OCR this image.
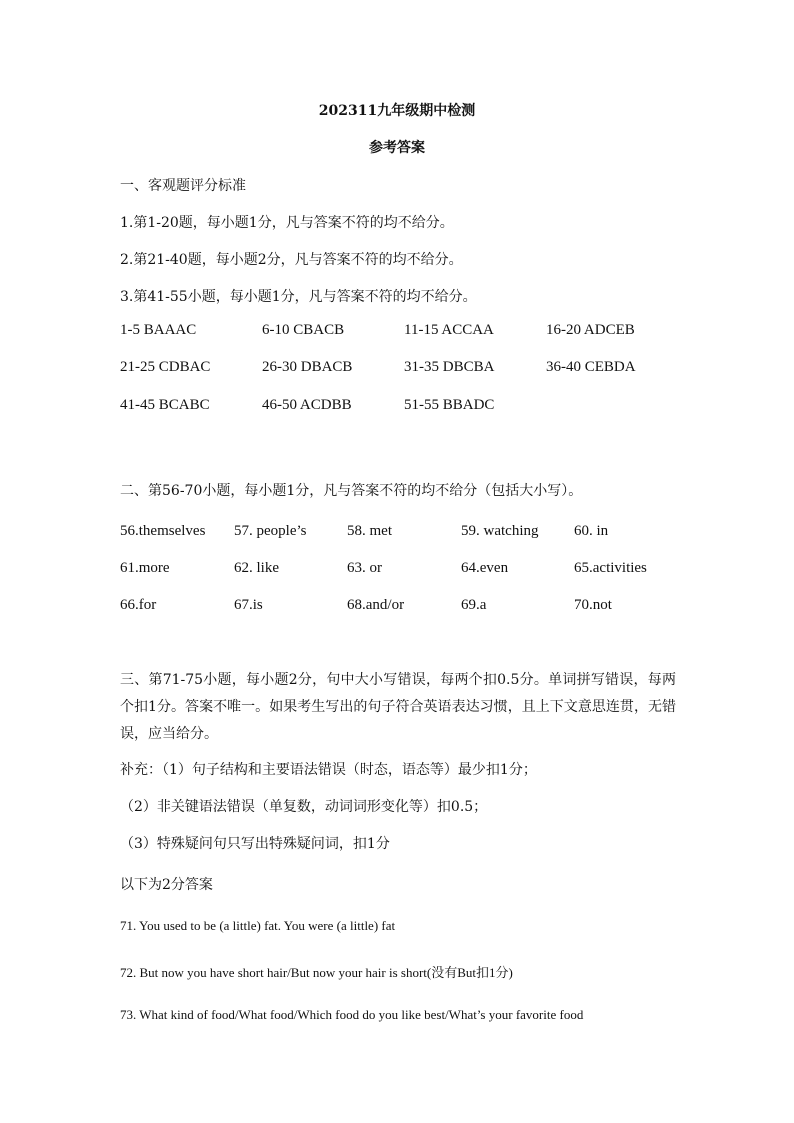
202311九年级期中检测
参考答案
一、客观题评分标准
1.第1-20题，每小题1分，凡与答案不符的均不给分。
2.第21-40题，每小题2分，凡与答案不符的均不给分。
3.第41-55小题，每小题1分，凡与答案不符的均不给分。
1-5 BAAAC	6-10 CBACB	11-15 ACCAA	16-20 ADCEB
21-25 CDBAC	26-30 DBACB	31-35 DBCBA	36-40 CEBDA
41-45 BCABC	46-50 ACDBB	51-55 BBADC
二、第56-70小题，每小题1分，凡与答案不符的均不给分（包括大小写）。
56.themselves 57. people’s	58. met	59. watching 60. in
61.more	62. like	63. or	64.even	65.activities
66.for	67.is	68.and/or	69.a	70.not
三、第71-75小题，每小题2分，句中大小写错误，每两个扣0.5分。单词拼写错误，每两个扣1分。答案不唯一。如果考生写出的句子符合英语表达习惯，且上下文意思连贯，无错误，应当给分。
补充：（1）句子结构和主要语法错误（时态，语态等）最少扣1分；
（2）非关键语法错误（单复数，动词词形变化等）扣0.5；
（3）特殊疑问句只写出特殊疑问词，扣1分
以下为2分答案
71. You used to be (a little) fat. You were (a little) fat
72. But now you have short hair/But now your hair is short(没有But扣1分)
73. What kind of food/What food/Which food do you like best/What’s your favorite food
